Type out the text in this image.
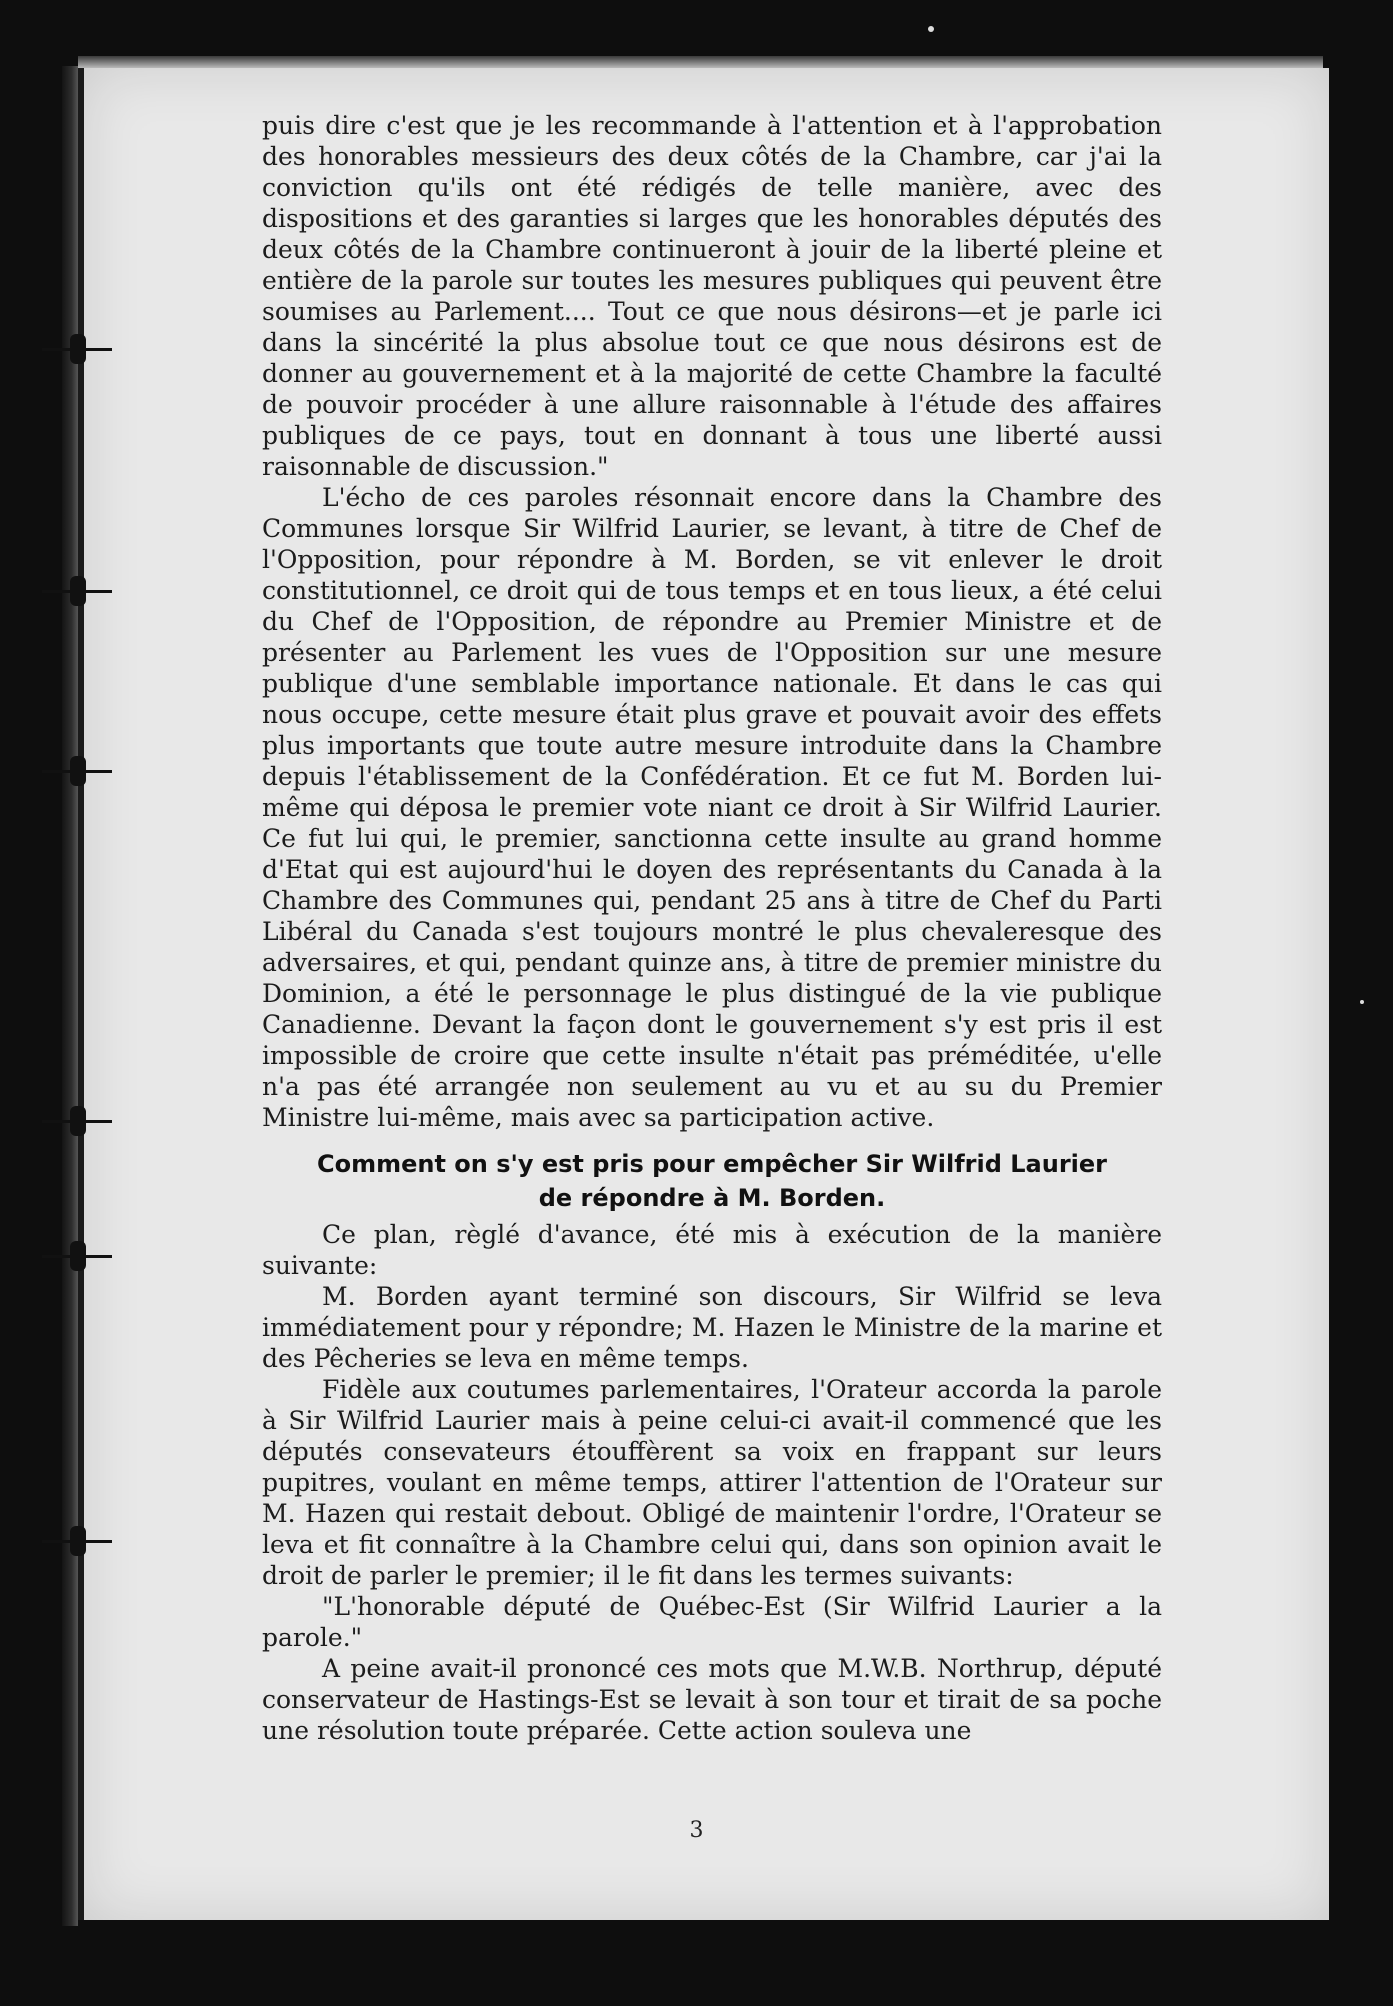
puis dire c'est que je les recommande à l'attention et à l'approbation des honorables messieurs des deux côtés de la Chambre, car j'ai la conviction qu'ils ont été rédigés de telle manière, avec des dispositions et des garanties si larges que les honorables députés des deux côtés de la Chambre continueront à jouir de la liberté pleine et entière de la parole sur toutes les mesures publiques qui peuvent être soumises au Parlement.... Tout ce que nous désirons—et je parle ici dans la sincérité la plus absolue tout ce que nous désirons est de donner au gouvernement et à la majorité de cette Chambre la faculté de pouvoir procéder à une allure raisonnable à l'étude des affaires publiques de ce pays, tout en donnant à tous une liberté aussi raisonnable de discussion."

L'écho de ces paroles résonnait encore dans la Chambre des Communes lorsque Sir Wilfrid Laurier, se levant, à titre de Chef de l'Opposition, pour répondre à M. Borden, se vit enlever le droit constitutionnel, ce droit qui de tous temps et en tous lieux, a été celui du Chef de l'Opposition, de répondre au Premier Ministre et de présenter au Parlement les vues de l'Opposition sur une mesure publique d'une semblable importance nationale. Et dans le cas qui nous occupe, cette mesure était plus grave et pouvait avoir des effets plus importants que toute autre mesure introduite dans la Chambre depuis l'établissement de la Confédération. Et ce fut M. Borden lui-même qui déposa le premier vote niant ce droit à Sir Wilfrid Laurier. Ce fut lui qui, le premier, sanctionna cette insulte au grand homme d'Etat qui est aujourd'hui le doyen des représentants du Canada à la Chambre des Communes qui, pendant 25 ans à titre de Chef du Parti Libéral du Canada s'est toujours montré le plus chevaleresque des adversaires, et qui, pendant quinze ans, à titre de premier ministre du Dominion, a été le personnage le plus distingué de la vie publique Canadienne. Devant la façon dont le gouvernement s'y est pris il est impossible de croire que cette insulte n'était pas préméditée, u'elle n'a pas été arrangée non seulement au vu et au su du Premier Ministre lui-même, mais avec sa participation active.

Comment on s'y est pris pour empêcher Sir Wilfrid Laurier
de répondre à M. Borden.

Ce plan, règlé d'avance, été mis à exécution de la manière suivante:

M. Borden ayant terminé son discours, Sir Wilfrid se leva immédiatement pour y répondre; M. Hazen le Ministre de la marine et des Pêcheries se leva en même temps.

Fidèle aux coutumes parlementaires, l'Orateur accorda la parole à Sir Wilfrid Laurier mais à peine celui-ci avait-il commencé que les députés consevateurs étouffèrent sa voix en frappant sur leurs pupitres, voulant en même temps, attirer l'attention de l'Orateur sur M. Hazen qui restait debout. Obligé de maintenir l'ordre, l'Orateur se leva et fit connaître à la Chambre celui qui, dans son opinion avait le droit de parler le premier; il le fit dans les termes suivants:

"L'honorable député de Québec-Est (Sir Wilfrid Laurier a la parole."

A peine avait-il prononcé ces mots que M.W.B. Northrup, député conservateur de Hastings-Est se levait à son tour et tirait de sa poche une résolution toute préparée. Cette action souleva une

3
